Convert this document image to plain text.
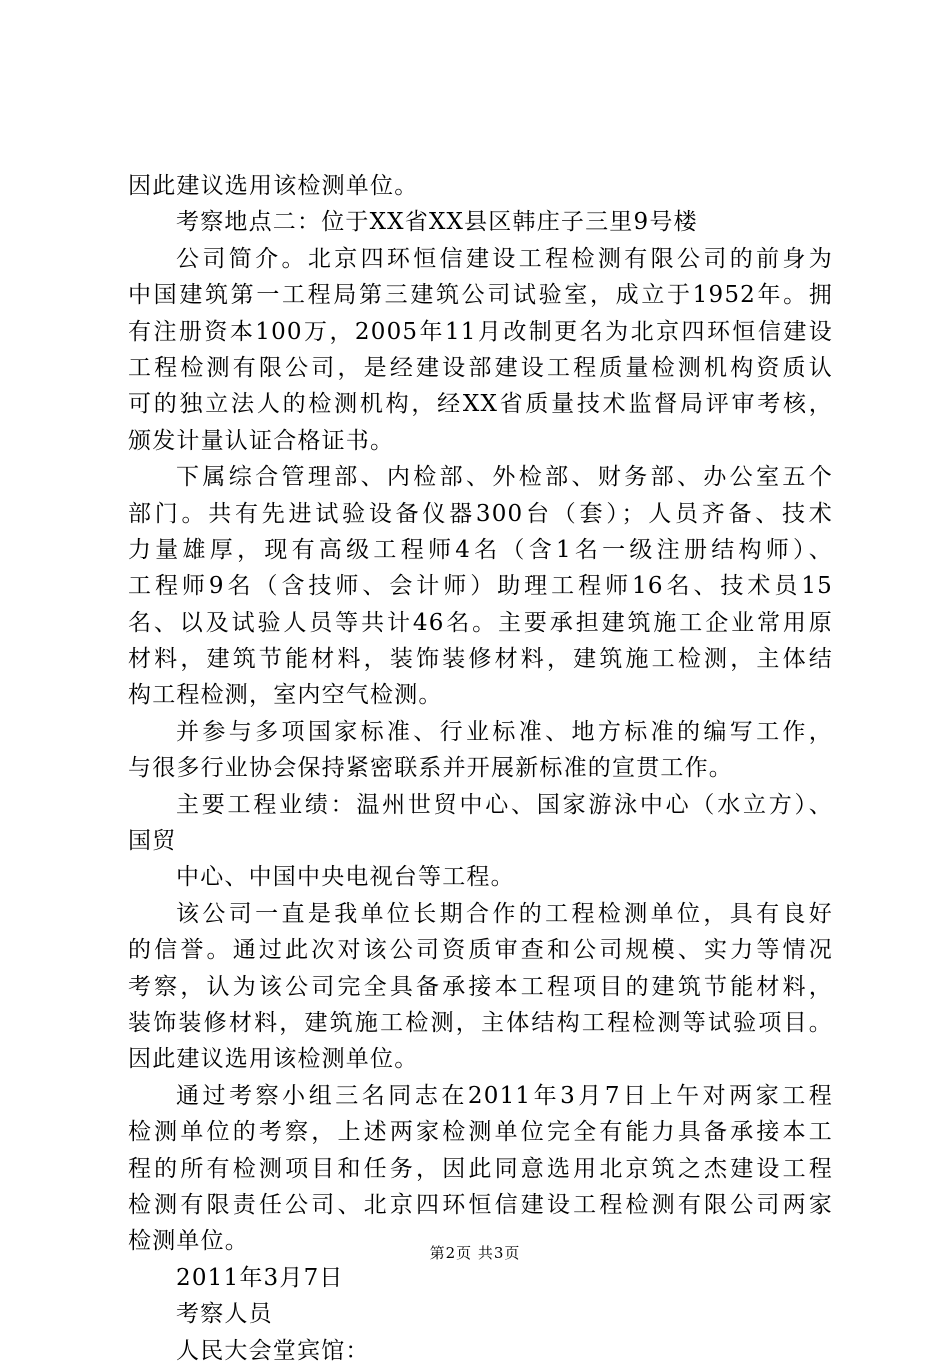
因此建议选用该检测单位。
考察地点二：位于XX省XX县区韩庄子三里9号楼
公司简介。北京四环恒信建设工程检测有限公司的前身为
中国建筑第一工程局第三建筑公司试验室，成立于1952年。拥
有注册资本100万，2005年11月改制更名为北京四环恒信建设
工程检测有限公司，是经建设部建设工程质量检测机构资质认
可的独立法人的检测机构，经XX省质量技术监督局评审考核，
颁发计量认证合格证书。
下属综合管理部、内检部、外检部、财务部、办公室五个
部门。共有先进试验设备仪器300台（套）；人员齐备、技术
力量雄厚，现有高级工程师4名（含1名一级注册结构师）、
工程师9名（含技师、会计师）助理工程师16名、技术员15
名、以及试验人员等共计46名。主要承担建筑施工企业常用原
材料，建筑节能材料，装饰装修材料，建筑施工检测，主体结
构工程检测，室内空气检测。
并参与多项国家标准、行业标准、地方标准的编写工作，
与很多行业协会保持紧密联系并开展新标准的宣贯工作。
主要工程业绩：温州世贸中心、国家游泳中心（水立方）、
国贸
中心、中国中央电视台等工程。
该公司一直是我单位长期合作的工程检测单位，具有良好
的信誉。通过此次对该公司资质审查和公司规模、实力等情况
考察，认为该公司完全具备承接本工程项目的建筑节能材料，
装饰装修材料，建筑施工检测，主体结构工程检测等试验项目。
因此建议选用该检测单位。
通过考察小组三名同志在2011年3月7日上午对两家工程
检测单位的考察，上述两家检测单位完全有能力具备承接本工
程的所有检测项目和任务，因此同意选用北京筑之杰建设工程
检测有限责任公司、北京四环恒信建设工程检测有限公司两家
检测单位。
2011年3月7日
考察人员
人民大会堂宾馆：
第2页 共3页
